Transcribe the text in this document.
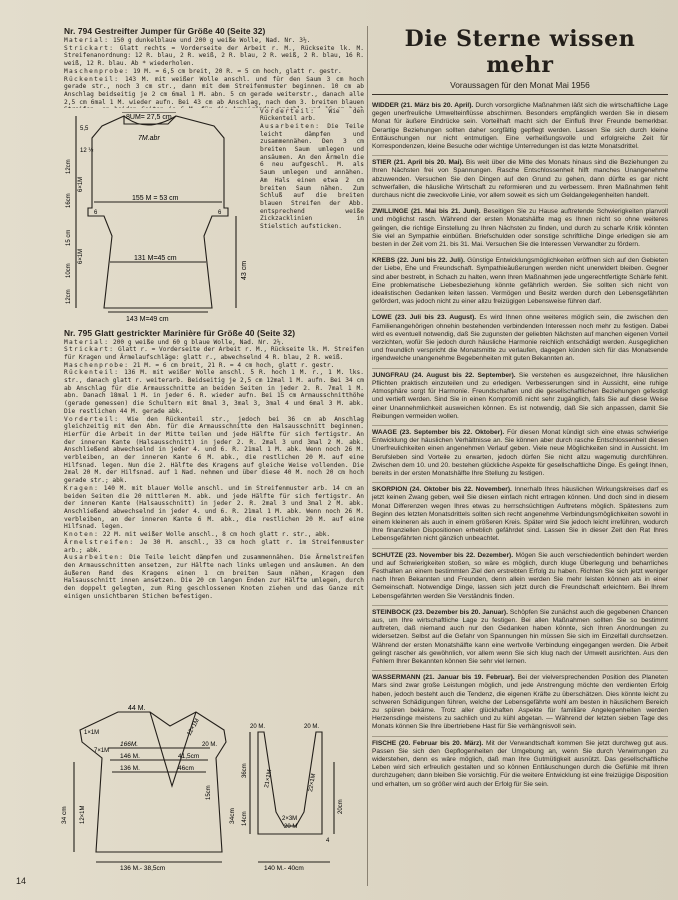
Nr. 794 Gestreifter Jumper für Größe 40 (Seite 32)

Material: 150 g dunkelblaue und 200 g weiße Wolle, Nad. Nr. 3½.

Strickart: Glatt rechts = Vorderseite der Arbeit r. M., Rückseite lk. M. Streifenanordnung: 12 R. blau, 2 R. weiß, 2 R. blau, 2 R. weiß, 2 R. blau, 16 R. weiß, 12 R. blau. Ab * wiederholen.

Maschenprobe: 19 M. = 6,5 cm breit, 20 R. = 5 cm hoch, glatt r. gestr.

Rückenteil: 143 M. mit weißer Wolle anschl. und für den Saum 3 cm hoch gerade str., noch 3 cm str., dann mit dem Streifenmuster beginnen. 10 cm ab Anschlag beidseitig je 2 cm 6mal 1 M. abn. 5 cm gerade weiterstr., danach alle 2,5 cm 6mal 1 M. wieder aufn. Bei 43 cm ab Anschlag, nach dem 3. breiten blauen

Vorderteil: Wie den Rückenteil arb.

Ausarbeiten: Die Teile leicht dämpfen und zusammennähen. Den 3 cm breiten Saum umlegen und ansäumen. An den Ärmeln die 6 neu aufgeschl. M. als Saum umlegen und annähen. Am Hals einen etwa 2 cm breiten Saum nähen. Zum Schluß auf die breiten blauen Streifen der Abb. entsprechend weiße Zickzacklinien in Stielstich aufsticken.

8UM= 27,5 cm
7M.abr
155 M = 53 cm
131 M=45 cm
143 M=49 cm
5,5
12 ½
12cm
6×1M
16cm
15 cm
6×1M
10cm
12cm
6	6
43 cm

Nr. 795 Glatt gestrickter Marinière für Größe 40 (Seite 32)

Material: 200 g weiße und 60 g blaue Wolle, Nad. Nr. 2½.

Strickart: Glatt r. = Vorderseite der Arbeit r. M., Rückseite lk. M. Streifen für Kragen und Ärmelaufschläge: glatt r., abwechselnd 4 R. blau, 2 R. weiß.

Maschenprobe: 21 M. = 6 cm breit, 21 R. = 4 cm hoch, glatt r. gestr.

Rückenteil: 136 M. mit weißer Wolle anschl. 5 R. hoch 1 M. r., 1 M. lks. str., danach glatt r. weiterarb. Beidseitig je 2,5 cm 12mal 1 M. aufn. Bei 34 cm ab Anschlag für die Armausschnitte an beiden Seiten in jeder 2. R. 7mal 1 M. abn. Danach 18mal 1 M. in jeder 6. R. wieder aufn. Bei 15 cm Armausschnitthöhe (gerade gemessen) die Schultern mit 8mal 3, 3mal 3, 3mal 4 und 6mal 3 M. abk. Die restlichen 44 M. gerade abk.

Vorderteil: Wie den Rückenteil str., jedoch bei 36 cm ab Anschlag gleichzeitig mit den Abn. für die Armausschnitte den Halsausschnitt beginnen. Hierfür die Arbeit in der Mitte teilen und jede Hälfte für sich fertigstr. An der inneren Kante (Halsausschnitt) in jeder 2. R. 2mal 3 und 3mal 2 M. abk. Anschließend abwechselnd in jeder 4. und 6. R. 21mal 1 M. abk. Wenn noch 26 M. verbleiben, an der inneren Kante 6 M. abk., die restlichen 20 M. auf eine Hilfsnad. legen. Nun die 2. Hälfte des Kragens auf gleiche Weise vollenden. Die 2mal 20 M. der Hilfsnad. auf 1 Nad. nehmen und über diese 40 M. noch 20 cm hoch gerade str.; abk.

Kragen: 140 M. mit blauer Wolle anschl. und im Streifenmuster arb. 14 cm an beiden Seiten die 20 mittleren M. abk. und jede Hälfte für sich fertigstr. An der inneren Kante (Halsausschnitt) in jeder 2. R. 2mal 3 und 3mal 2 M. abk. Anschließend abwechselnd in jeder 4. und 6. R. 21mal 1 M. abk. Wenn noch 26 M. verbleiben, an der inneren Kante 6 M. abk., die restlichen 20 M. auf eine Hilfsnad. legen.

Knoten: 22 M. mit weißer Wolle anschl., 8 cm hoch glatt r. str., abk.

Ärmelstreifen: Je 30 M. anschl., 33 cm hoch glatt r. im Streifenmuster arb.; abk.

Ausarbeiten: Die Teile leicht dämpfen und zusammennähen. Die Ärmelstreifen den Armausschnitten ansetzen, zur Hälfte nach links umlegen und ansäumen. An dem äußeren Rand des Kragens einen 1 cm breiten Saum nähen, Kragen dem Halsausschnitt innen ansetzen. Die 20 cm langen Enden zur Hälfte umlegen, durch den doppelt gelegten, zum Ring geschlossenen Knoten ziehen und das Ganze mit einigen unsichtbaren Stichen befestigen.

44 M.
166M.
146 M.
136 M.
1×1M
20 M.
41,5cm
46cm
12×1M
15cm
7×1M
34 cm 12×1M	34cm
136 M.- 38,5cm
20 M.	20 M.
21×1M
2×3M
22×1M
20 M
14cm
36cm
20cm
4
140 M.- 40cm

Die Sterne wissen mehr

Voraussagen für den Monat Mai 1956

WIDDER (21. März bis 20. April). Durch vorsorgliche Maßnahmen läßt sich die wirtschaftliche Lage gegen unerfreuliche Umwelteinflüsse abschirmen. Besonders empfänglich werden Sie in diesem Monat für äußere Eindrücke sein. Vorteilhaft macht sich der Einfluß Ihrer Freunde bemerkbar. Derartige Beziehungen sollten daher sorgfältig gepflegt werden. Lassen Sie sich durch kleine Enttäuschungen nur nicht entmutigen. Eine verheißungsvolle und erfolgreiche Zeit für Korrespondenzen, kleine Besuche oder wichtige Unterredungen ist das letzte Monatsdrittel.

STIER (21. April bis 20. Mai). Bis weit über die Mitte des Monats hinaus sind die Beziehungen zu Ihren Nächsten frei von Spannungen. Rasche Entschlossenheit hilft manches Unangenehme abzuwenden. Versuchen Sie den Dingen auf den Grund zu gehen, dann dürfte es gar nicht schwerfallen, die häusliche Wirtschaft zu reformieren und zu verbessern. Ihren Maßnahmen fehlt durchaus nicht die zweckvolle Linie, vor allem soweit es sich um Geldangelegenheiten handelt.

ZWILLINGE (21. Mai bis 21. Juni). Beseitigen Sie zu Hause auftretende Schwierigkeiten planvoll und möglichst rasch. Während der ersten Monatshälfte mag es Ihnen nicht so ohne weiteres gelingen, die richtige Einstellung zu Ihren Nächsten zu finden, und durch zu scharfe Kritik könnten Sie viel an Sympathie einbüßen. Briefschulden oder sonstige schriftliche Dinge erledigen sie am besten in der Zeit vom 21. bis 31. Mai. Versuchen Sie die Interessen Verwandter zu fördern.

KREBS (22. Juni bis 22. Juli). Günstige Entwicklungsmöglichkeiten eröffnen sich auf den Gebieten der Liebe, Ehe und Freundschaft. Sympathieäußerungen werden nicht unerwidert bleiben. Gegner sind aber bestrebt, in Schach zu halten, wenn Ihren Maßnahmen jede ungerechtfertigte Schärfe fehlt. Eine problematische Liebesbeziehung könnte gefährlich werden. Sie sollten sich nicht von idealistischen Gedanken leiten lassen. Vermögen und Besitz werden durch den Lebensgefährten gefördert, was jedoch nicht zu einer allzu freizügigen Lebensweise führen darf.

LOWE (23. Juli bis 23. August). Es wird Ihnen ohne weiteres möglich sein, die zwischen den Familienangehörigen ohnehin bestehenden verbindenden Interessen noch mehr zu festigen. Dabei wird es eventuell notwendig, daß Sie zugunsten der geliebten Nächsten auf manchen eigenen Vorteil verzichten, wofür Sie jedoch durch häusliche Harmonie reichlich entschädigt werden. Ausgeglichen und freundlich verspricht die Monatsmitte zu verlaufen, dagegen künden sich für das Monatsende irgendwelche unangenehme Begebenheiten mit guten Bekannten an.

JUNGFRAU (24. August bis 22. September). Sie verstehen es ausgezeichnet, Ihre häuslichen Pflichten praktisch einzuteilen und zu erledigen. Verbesserungen sind in Aussicht, eine ruhige Atmosphäre sorgt für Harmonie. Freundschaften und die gesellschaftlichen Beziehungen gefestigt und vertieft werden. Sind Sie in einen Kompromiß nicht sehr zugänglich, falls Sie auf diese Weise einer Unannehmlichkeit ausweichen können. Es ist notwendig, daß Sie sich anpassen, damit Sie Reibungen vermeiden wollen.

WAAGE (23. September bis 22. Oktober). Für diesen Monat kündigt sich eine etwas schwierige Entwicklung der häuslichen Verhältnisse an. Sie können aber durch rasche Entschlossenheit diesen Unerfreulichkeiten einen angenehmen Verlauf geben. Viele neue Möglichkeiten sind in Aussicht. Im Berufsleben sind Vorteile zu erwarten, jedoch dürfen Sie nicht allzu wagemutig durchführen. Zwischen dem 10. und 20. bestehen glückliche Aspekte für gesellschaftliche Dinge. Es gelingt Ihnen, bereits in der ersten Monatshälfte Ihre Stellung zu festigen.

SKORPION (24. Oktober bis 22. November). Innerhalb Ihres häuslichen Wirkungskreises darf es jetzt keinen Zwang geben, weil Sie diesen einfach nicht ertragen können. Und doch sind in diesem Monat Differenzen wegen Ihres etwas zu herrschsüchtigen Auftretens möglich. Spätestens zum Beginn des letzten Monatsdrittels sollten sich recht angenehme Verbindungsmöglichkeiten sowohl in einem kleineren als auch in einem größeren Kreis. Später wird Sie jedoch leicht irreführen, wodurch Ihre finanziellen Dispositionen erheblich gefährdet sind. Lassen Sie in dieser Zeit den Rat Ihres Lebensgefährten nicht gänzlich unbeachtet.

SCHUTZE (23. November bis 22. Dezember). Mögen Sie auch verschiedentlich behindert werden und auf Schwierigkeiten stoßen, so wäre es möglich, durch kluge Überlegung und beharrliches Festhalten an einem bestimmten Ziel den erstrebten Erfolg zu haben. Richten Sie sich jetzt weniger nach Ihren Bekannten und Freunden, denn allein werden Sie mehr leisten können als in einer Gemeinschaft. Notwendige Dinge, lassen sich jetzt durch die Freundschaft erleichtern. Bei Ihrem Lebensgefährten werden Sie Verständnis finden.

STEINBOCK (23. Dezember bis 20. Januar). Schöpfen Sie zunächst auch die gegebenen Chancen aus, um Ihre wirtschaftliche Lage zu festigen. Bei allen Maßnahmen sollten Sie so bestimmt auftreten, daß niemand auch nur den Gedanken haben könnte, sich Ihren Anordnungen zu widersetzen. Selbst auf die Gefahr von Spannungen hin müssen Sie sich im Einzelfall durchsetzen. Während der ersten Monatshälfte kann eine wertvolle Verbindung eingegangen werden. Die Arbeit gelingt rascher als gewöhnlich, vor allem wenn Sie sich klug nach der Umwelt ausrichten. Aus den Fehlern Ihrer Bekannten können Sie sehr viel lernen.

WASSERMANN (21. Januar bis 19. Februar). Bei der vielversprechenden Position des Planeten Mars sind zwar große Leistungen möglich, und jede Anstrengung möchte den verdienten Erfolg haben, jedoch besteht auch die Tendenz, die eigenen Kräfte zu überschätzen. Dies könnte leicht zu schweren Schädigungen führen, welche der Lebensgefährte wohl am besten in häuslichem Bereich zu spüren bekäme. Trotz aller glückhaften Aspekte für familiäre Angelegenheiten werden Herzensdinge meistens zu sachlich und zu kühl abgetan. — Während der letzten sieben Tage des Monats können Sie Ihre übertriebene Hast für Sie verhängnisvoll sein.

FISCHE (20. Februar bis 20. März). Mit der Verwandtschaft kommen Sie jetzt durchweg gut aus. Passen Sie sich den Gepflogenheiten der Umgebung an, wenn Sie durch Verwirrungen zu widerstehen, denn es wäre möglich, daß man Ihre Gutmütigkeit ausnützt. Das gesellschaftliche Leben wird sich erfreulich gestalten und so können Enttäuschungen durch die Gefühle mit Ihren durchzugehen; dann bleiben Sie vorsichtig. Für die weitere Entwicklung ist eine freizügige Disposition und erhalten, um so größer wird auch der Erfolg für Sie sein.

14
